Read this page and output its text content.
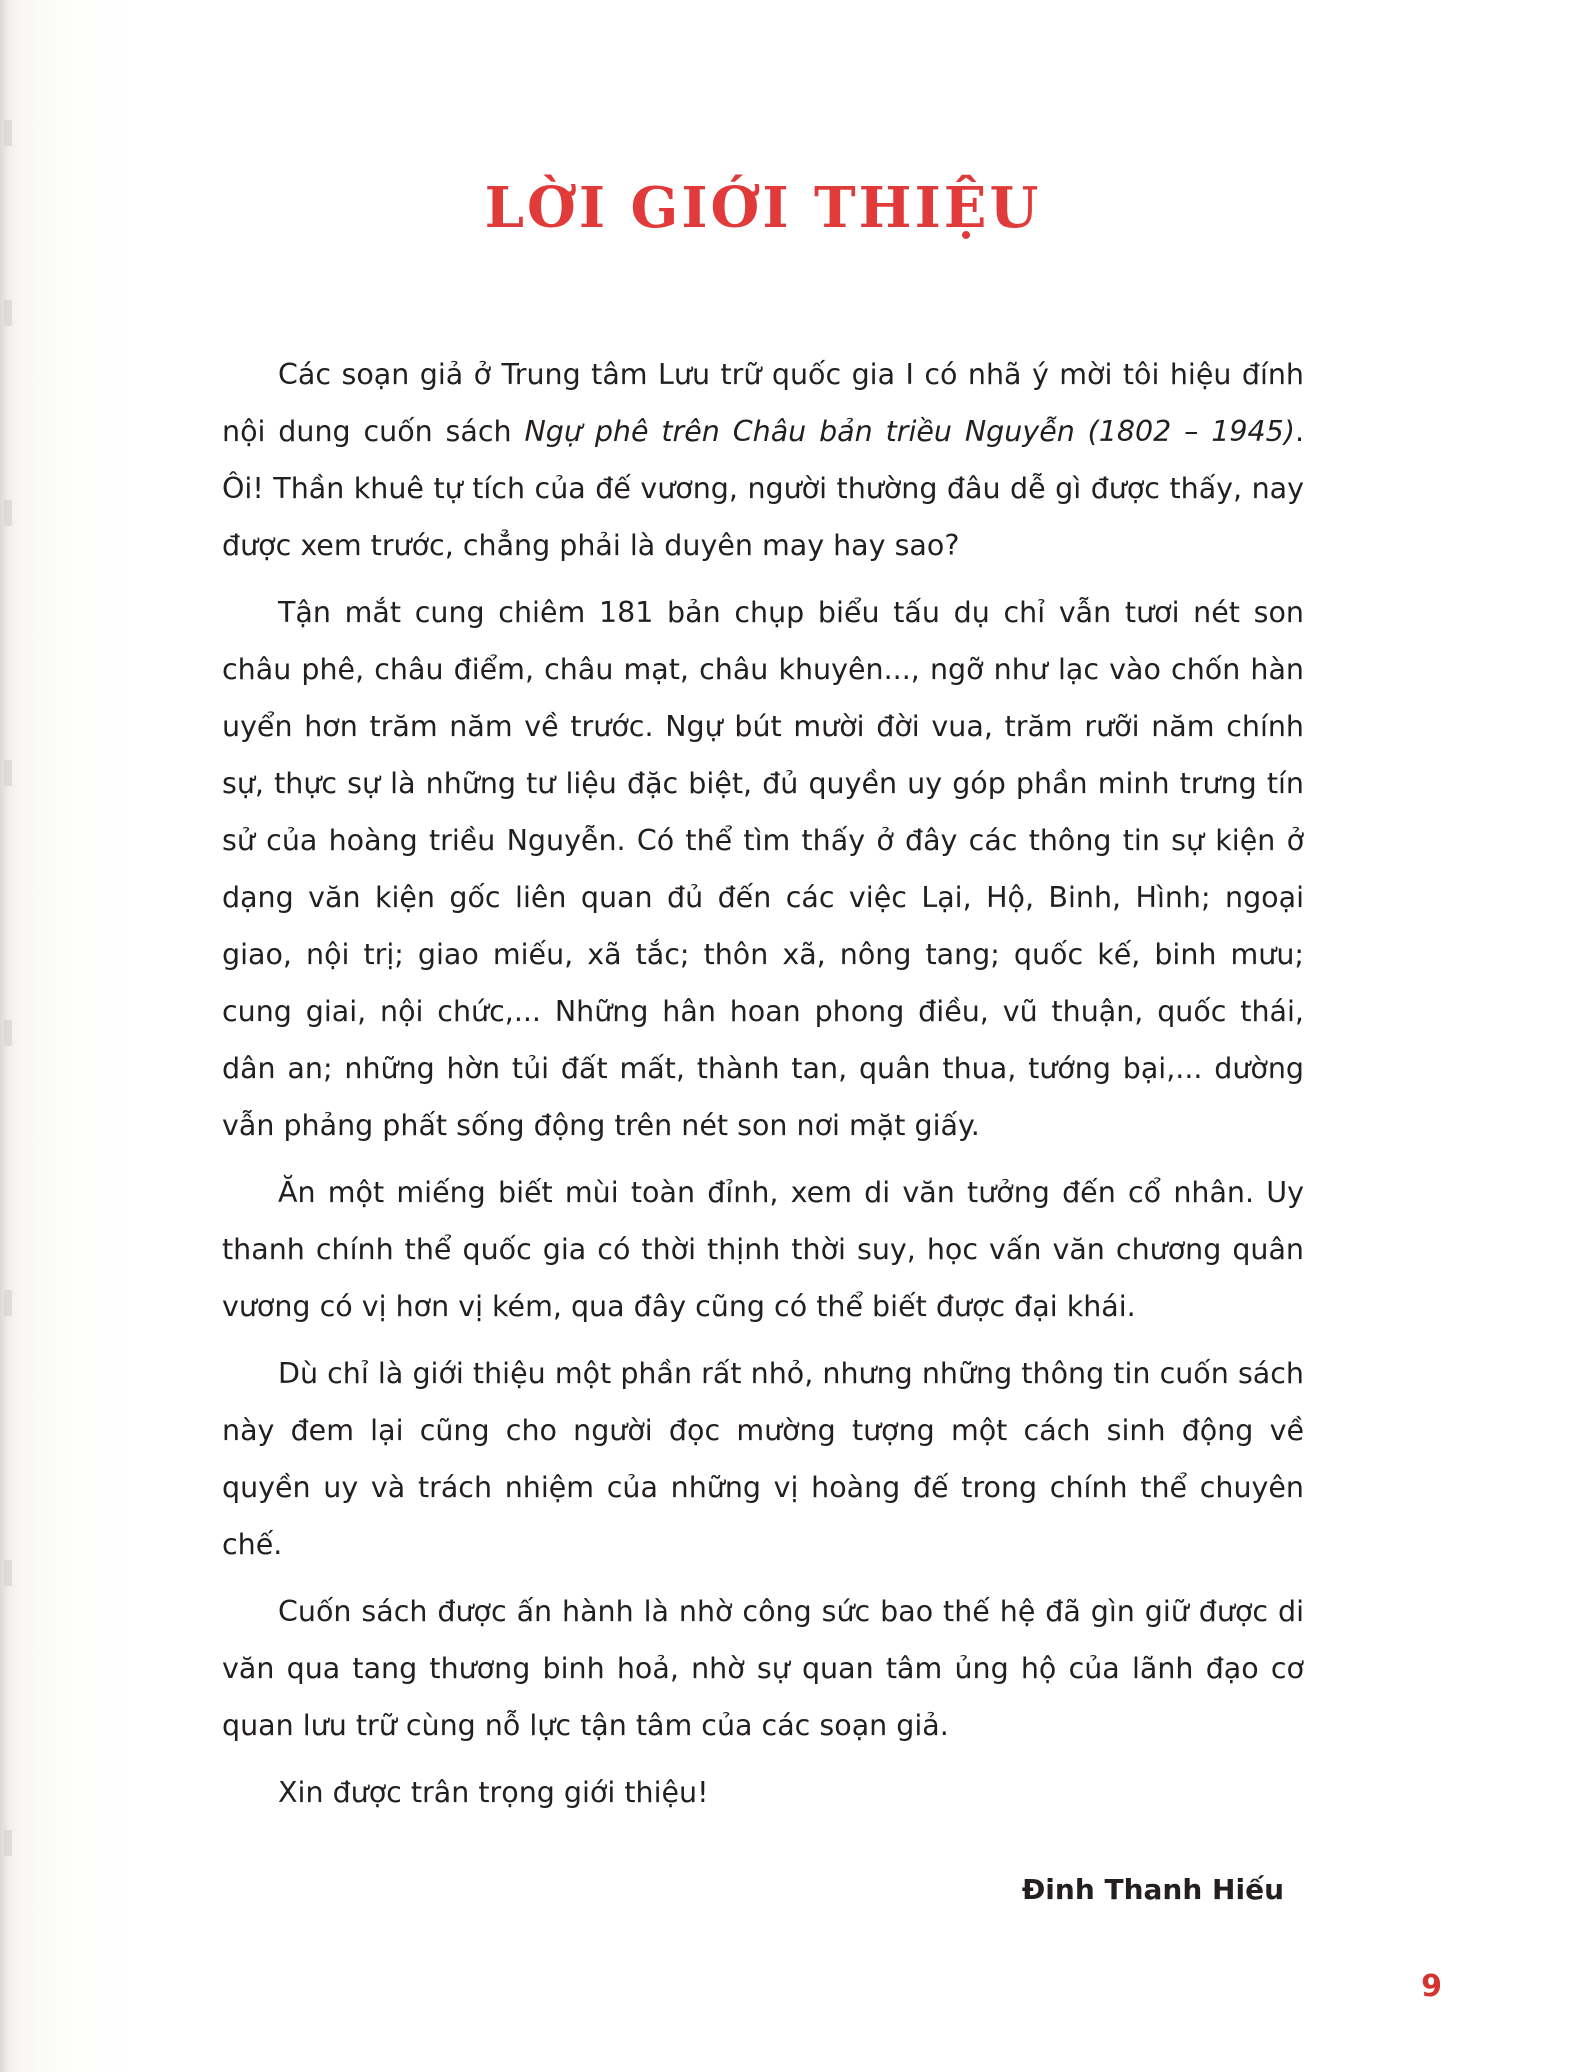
LỜI GIỚI THIỆU

Các soạn giả ở Trung tâm Lưu trữ quốc gia I có nhã ý mời tôi hiệu đính nội dung cuốn sách Ngự phê trên Châu bản triều Nguyễn (1802 – 1945). Ôi! Thần khuê tự tích của đế vương, người thường đâu dễ gì được thấy, nay được xem trước, chẳng phải là duyên may hay sao?

Tận mắt cung chiêm 181 bản chụp biểu tấu dụ chỉ vẫn tươi nét son châu phê, châu điểm, châu mạt, châu khuyên..., ngỡ như lạc vào chốn hàn uyển hơn trăm năm về trước. Ngự bút mười đời vua, trăm rưỡi năm chính sự, thực sự là những tư liệu đặc biệt, đủ quyền uy góp phần minh trưng tín sử của hoàng triều Nguyễn. Có thể tìm thấy ở đây các thông tin sự kiện ở dạng văn kiện gốc liên quan đủ đến các việc Lại, Hộ, Binh, Hình; ngoại giao, nội trị; giao miếu, xã tắc; thôn xã, nông tang; quốc kế, binh mưu; cung giai, nội chức,... Những hân hoan phong điều, vũ thuận, quốc thái, dân an; những hờn tủi đất mất, thành tan, quân thua, tướng bại,... dường vẫn phảng phất sống động trên nét son nơi mặt giấy.

Ăn một miếng biết mùi toàn đỉnh, xem di văn tưởng đến cổ nhân. Uy thanh chính thể quốc gia có thời thịnh thời suy, học vấn văn chương quân vương có vị hơn vị kém, qua đây cũng có thể biết được đại khái.

Dù chỉ là giới thiệu một phần rất nhỏ, nhưng những thông tin cuốn sách này đem lại cũng cho người đọc mường tượng một cách sinh động về quyền uy và trách nhiệm của những vị hoàng đế trong chính thể chuyên chế.

Cuốn sách được ấn hành là nhờ công sức bao thế hệ đã gìn giữ được di văn qua tang thương binh hoả, nhờ sự quan tâm ủng hộ của lãnh đạo cơ quan lưu trữ cùng nỗ lực tận tâm của các soạn giả.

Xin được trân trọng giới thiệu!

Đinh Thanh Hiếu
9
